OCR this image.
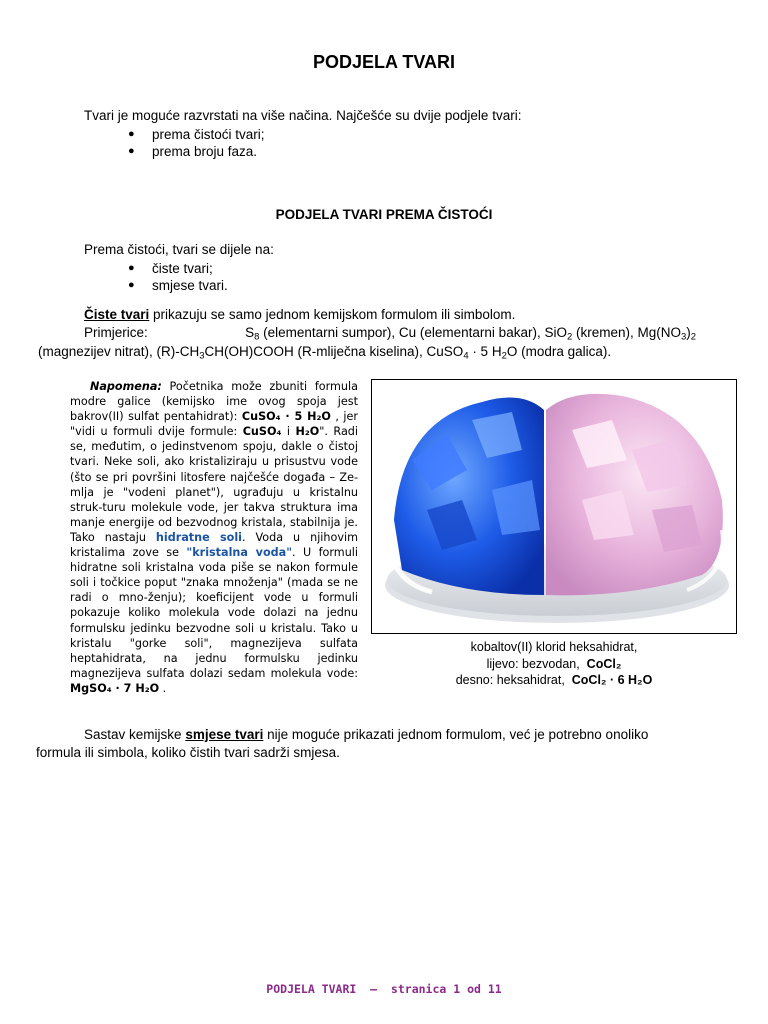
PODJELA TVARI
Tvari je moguće razvrstati na više načina. Najčešće su dvije podjele tvari:
● prema čistoći tvari;
● prema broju faza.
PODJELA TVARI PREMA ČISTOĆI
Prema čistoći, tvari se dijele na:
● čiste tvari;
● smjese tvari.
Čiste tvari prikazuju se samo jednom kemijskom formulom ili simbolom.
Primjerice:	$S_8$ (elementarni sumpor), Cu (elementarni bakar), SiO$_2$ (kremen), $Mg(NO_3)_2$
(magnezijev nitrat), $(R)-CH_3CH(OH)COOH$ (R-mliječna kiselina), CuSO$_4$ · 5 $H_2O$ (modra galica).
Napomena: Početnika može zbuniti formula modre galice (kemijsko ime ovog spoja jest bakrov(II) sulfat pentahidrat): CuSO₄ · 5 H₂O , jer "vidi u formuli dvije formule: CuSO₄ i H₂O". Radi se, međutim, o jedinstvenom spoju, dakle o čistoj tvari. Neke soli, ako kristaliziraju u prisustvu vode (što se pri površini litosfere najčešće događa – Ze-mlja je "vodeni planet"), ugrađuju u kristalnu struk-turu molekule vode, jer takva struktura ima manje energije od bezvodnog kristala, stabilnija je. Tako nastaju hidratne soli. Voda u njihovim kristalima zove se "kristalna voda". U formuli hidratne soli kristalna voda piše se nakon formule soli i točkice poput "znaka množenja" (mada se ne radi o mno-ženju); koeficijent vode u formuli pokazuje koliko molekula vode dolazi na jednu formulsku jedinku bezvodne soli u kristalu. Tako u kristalu "gorke soli", magnezijeva sulfata heptahidrata, na jednu formulsku jedinku magnezijeva sulfata dolazi sedam molekula vode: MgSO₄ · 7 H₂O .
kobaltov(II) klorid heksahidrat,
lijevo: bezvodan, CoCl₂
desno: heksahidrat, CoCl₂ · 6 H₂O
Sastav kemijske smjese tvari nije moguće prikazati jednom formulom, već je potrebno onoliko
formula ili simbola, koliko čistih tvari sadrži smjesa.
PODJELA TVARI  –  stranica 1 od 11
